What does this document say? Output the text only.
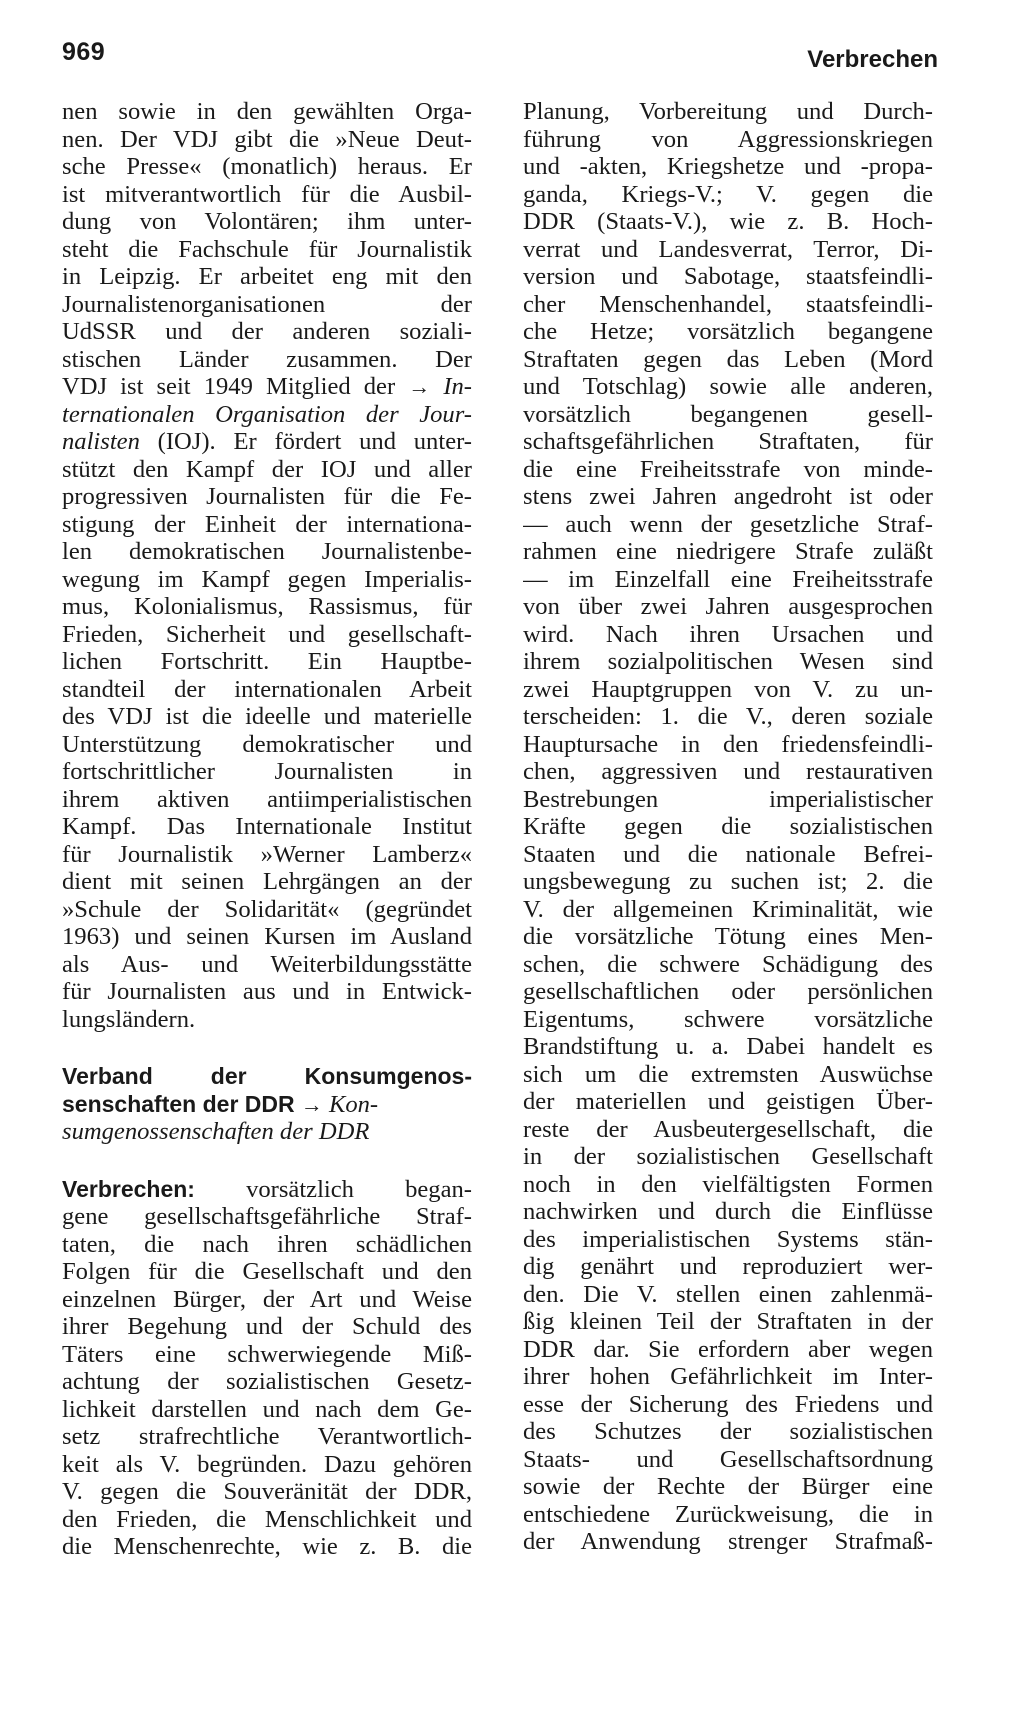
969	Verbrechen
nen sowie in den gewählten Orga-
nen. Der VDJ gibt die »Neue Deut-
sche Presse« (monatlich) heraus. Er
ist mitverantwortlich für die Ausbil-
dung von Volontären; ihm unter-
steht die Fachschule für Journalistik
in Leipzig. Er arbeitet eng mit den
Journalistenorganisationen der
UdSSR und der anderen soziali-
stischen Länder zusammen. Der
VDJ ist seit 1949 Mitglied der → In-
ternationalen Organisation der Jour-
nalisten (IOJ). Er fördert und unter-
stützt den Kampf der IOJ und aller
progressiven Journalisten für die Fe-
stigung der Einheit der internationa-
len demokratischen Journalistenbe-
wegung im Kampf gegen Imperialis-
mus, Kolonialismus, Rassismus, für
Frieden, Sicherheit und gesellschaft-
lichen Fortschritt. Ein Hauptbe-
standteil der internationalen Arbeit
des VDJ ist die ideelle und materielle
Unterstützung demokratischer und
fortschrittlicher Journalisten in
ihrem aktiven antiimperialistischen
Kampf. Das Internationale Institut
für Journalistik »Werner Lamberz«
dient mit seinen Lehrgängen an der
»Schule der Solidarität« (gegründet
1963) und seinen Kursen im Ausland
als Aus- und Weiterbildungsstätte
für Journalisten aus und in Entwick-
lungsländern.
Verband der Konsumgenos-
senschaften der DDR → Kon-
sumgenossenschaften der DDR
Verbrechen: vorsätzlich began-
gene gesellschaftsgefährliche Straf-
taten, die nach ihren schädlichen
Folgen für die Gesellschaft und den
einzelnen Bürger, der Art und Weise
ihrer Begehung und der Schuld des
Täters eine schwerwiegende Miß-
achtung der sozialistischen Gesetz-
lichkeit darstellen und nach dem Ge-
setz strafrechtliche Verantwortlich-
keit als V. begründen. Dazu gehören
V. gegen die Souveränität der DDR,
den Frieden, die Menschlichkeit und
die Menschenrechte, wie z. B. die
Planung, Vorbereitung und Durch-
führung von Aggressionskriegen
und -akten, Kriegshetze und -propa-
ganda, Kriegs-V.; V. gegen die
DDR (Staats-V.), wie z. B. Hoch-
verrat und Landesverrat, Terror, Di-
version und Sabotage, staatsfeindli-
cher Menschenhandel, staatsfeindli-
che Hetze; vorsätzlich begangene
Straftaten gegen das Leben (Mord
und Totschlag) sowie alle anderen,
vorsätzlich begangenen gesell-
schaftsgefährlichen Straftaten, für
die eine Freiheitsstrafe von minde-
stens zwei Jahren angedroht ist oder
— auch wenn der gesetzliche Straf-
rahmen eine niedrigere Strafe zuläßt
— im Einzelfall eine Freiheitsstrafe
von über zwei Jahren ausgesprochen
wird. Nach ihren Ursachen und
ihrem sozialpolitischen Wesen sind
zwei Hauptgruppen von V. zu un-
terscheiden: 1. die V., deren soziale
Hauptursache in den friedensfeindli-
chen, aggressiven und restaurativen
Bestrebungen imperialistischer
Kräfte gegen die sozialistischen
Staaten und die nationale Befrei-
ungsbewegung zu suchen ist; 2. die
V. der allgemeinen Kriminalität, wie
die vorsätzliche Tötung eines Men-
schen, die schwere Schädigung des
gesellschaftlichen oder persönlichen
Eigentums, schwere vorsätzliche
Brandstiftung u. a. Dabei handelt es
sich um die extremsten Auswüchse
der materiellen und geistigen Über-
reste der Ausbeutergesellschaft, die
in der sozialistischen Gesellschaft
noch in den vielfältigsten Formen
nachwirken und durch die Einflüsse
des imperialistischen Systems stän-
dig genährt und reproduziert wer-
den. Die V. stellen einen zahlenmä-
ßig kleinen Teil der Straftaten in der
DDR dar. Sie erfordern aber wegen
ihrer hohen Gefährlichkeit im Inter-
esse der Sicherung des Friedens und
des Schutzes der sozialistischen
Staats- und Gesellschaftsordnung
sowie der Rechte der Bürger eine
entschiedene Zurückweisung, die in
der Anwendung strenger Strafmaß-
